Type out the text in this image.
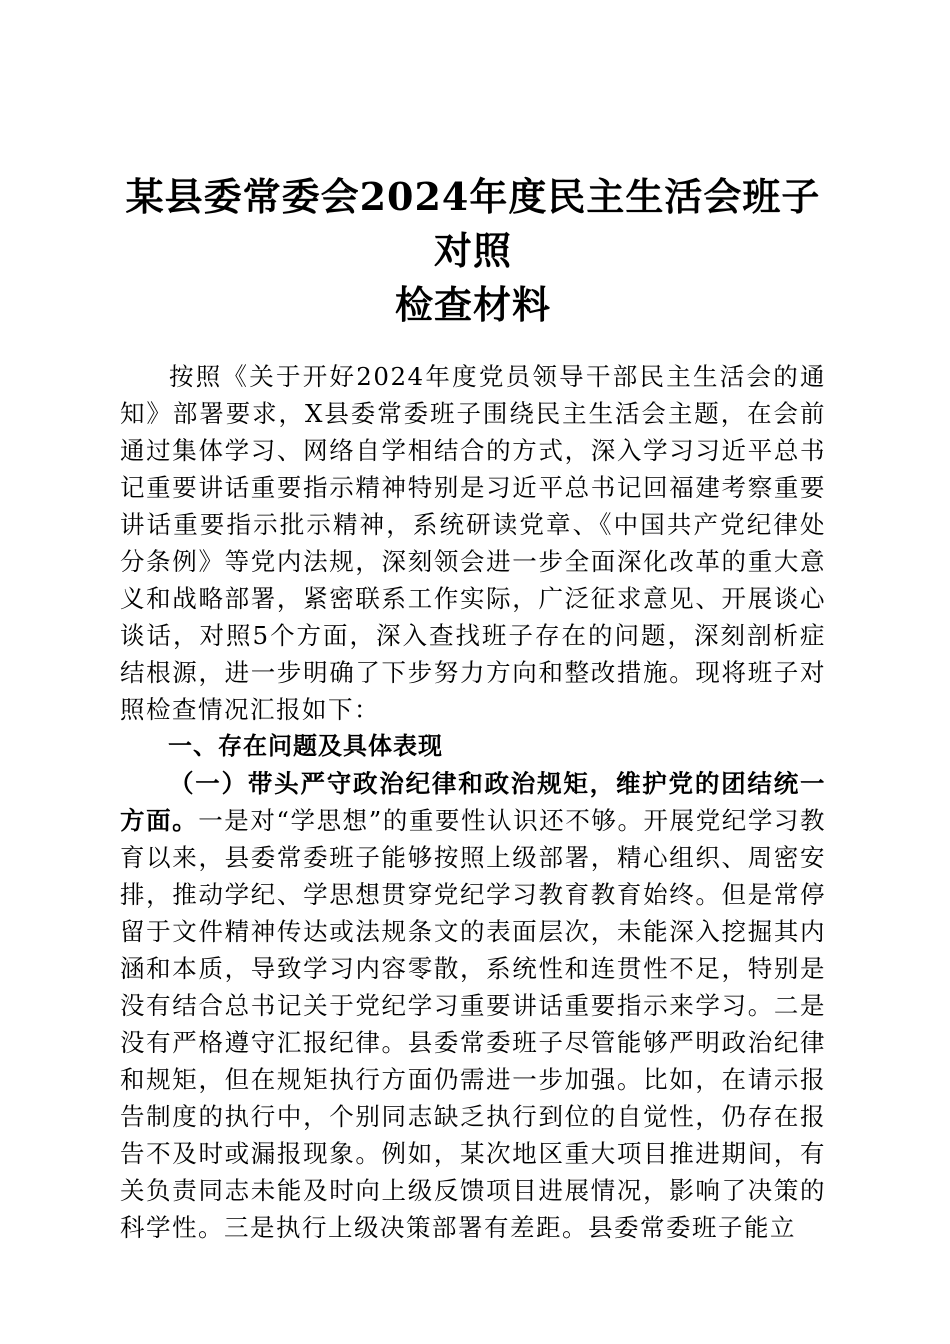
某县委常委会2024年度民主生活会班子对照
检查材料

按照《关于开好2024年度党员领导干部民主生活会的通知》部署要求，X县委常委班子围绕民主生活会主题，在会前通过集体学习、网络自学相结合的方式，深入学习习近平总书记重要讲话重要指示精神特别是习近平总书记回福建考察重要讲话重要指示批示精神，系统研读党章、《中国共产党纪律处分条例》等党内法规，深刻领会进一步全面深化改革的重大意义和战略部署，紧密联系工作实际，广泛征求意见、开展谈心谈话，对照5个方面，深入查找班子存在的问题，深刻剖析症结根源，进一步明确了下步努力方向和整改措施。现将班子对照检查情况汇报如下：

一、存在问题及具体表现

（一）带头严守政治纪律和政治规矩，维护党的团结统一方面。一是对“学思想”的重要性认识还不够。开展党纪学习教育以来，县委常委班子能够按照上级部署，精心组织、周密安排，推动学纪、学思想贯穿党纪学习教育教育始终。但是常停留于文件精神传达或法规条文的表面层次，未能深入挖掘其内涵和本质，导致学习内容零散，系统性和连贯性不足，特别是没有结合总书记关于党纪学习重要讲话重要指示来学习。二是没有严格遵守汇报纪律。县委常委班子尽管能够严明政治纪律和规矩，但在规矩执行方面仍需进一步加强。比如，在请示报告制度的执行中，个别同志缺乏执行到位的自觉性，仍存在报告不及时或漏报现象。例如，某次地区重大项目推进期间，有关负责同志未能及时向上级反馈项目进展情况，影响了决策的科学性。三是执行上级决策部署有差距。县委常委班子能立
